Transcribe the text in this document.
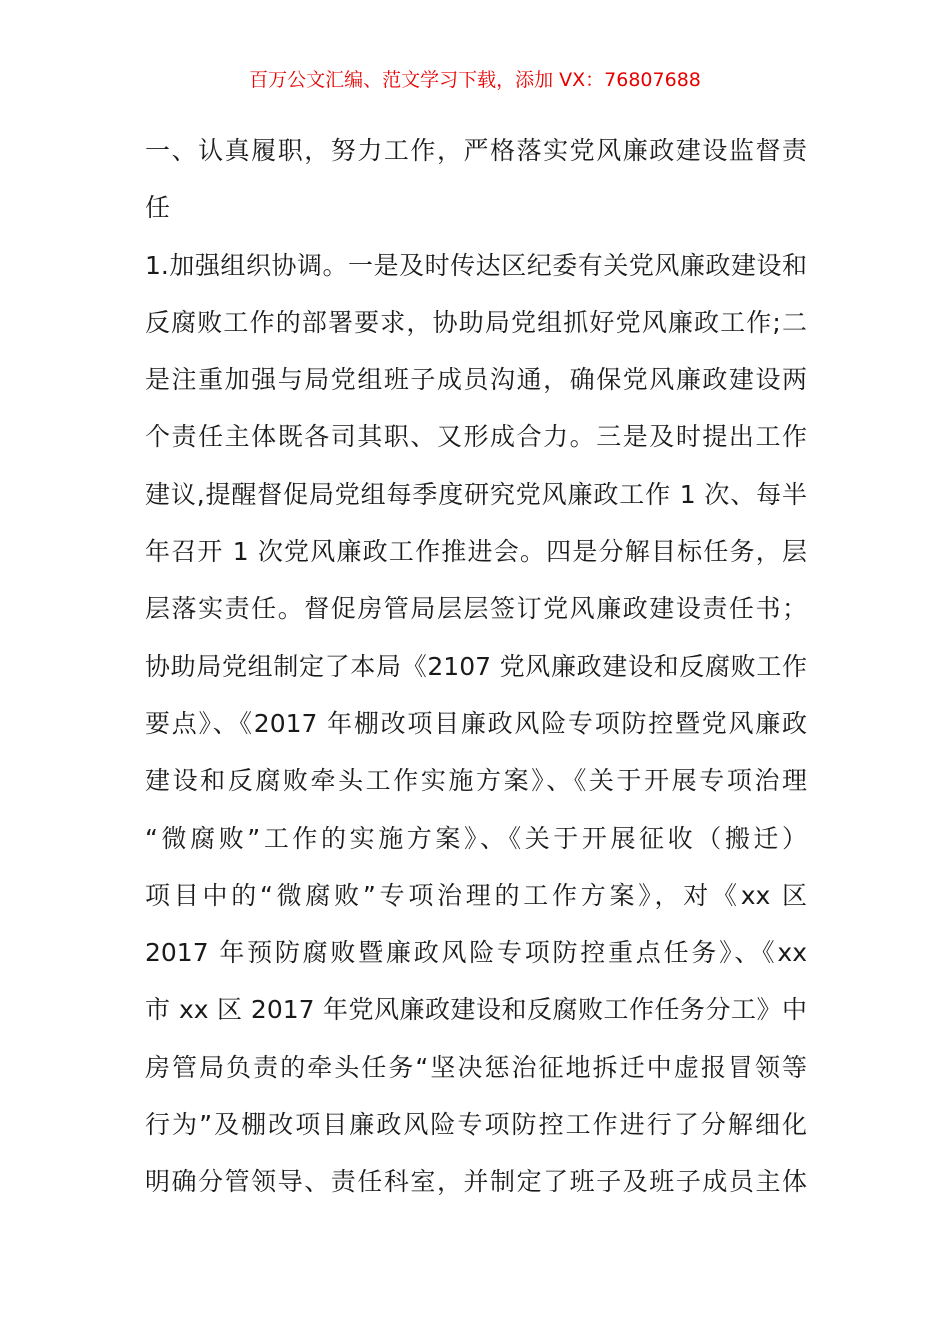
百万公文汇编、范文学习下载，添加 VX：76807688
一、认真履职，努力工作，严格落实党风廉政建设监督责
任
1.加强组织协调。一是及时传达区纪委有关党风廉政建设和
反腐败工作的部署要求，协助局党组抓好党风廉政工作;二
是注重加强与局党组班子成员沟通，确保党风廉政建设两
个责任主体既各司其职、又形成合力。三是及时提出工作
建议,提醒督促局党组每季度研究党风廉政工作 1 次、每半
年召开 1 次党风廉政工作推进会。四是分解目标任务，层
层落实责任。督促房管局层层签订党风廉政建设责任书；
协助局党组制定了本局《2107 党风廉政建设和反腐败工作
要点》、《2017 年棚改项目廉政风险专项防控暨党风廉政
建设和反腐败牵头工作实施方案》、《关于开展专项治理
“微腐败”工作的实施方案》、《关于开展征收（搬迁）
项目中的“微腐败”专项治理的工作方案》，对《xx 区
2017 年预防腐败暨廉政风险专项防控重点任务》、《xx
市 xx 区 2017 年党风廉政建设和反腐败工作任务分工》中
房管局负责的牵头任务“坚决惩治征地拆迁中虚报冒领等
行为”及棚改项目廉政风险专项防控工作进行了分解细化
明确分管领导、责任科室，并制定了班子及班子成员主体
